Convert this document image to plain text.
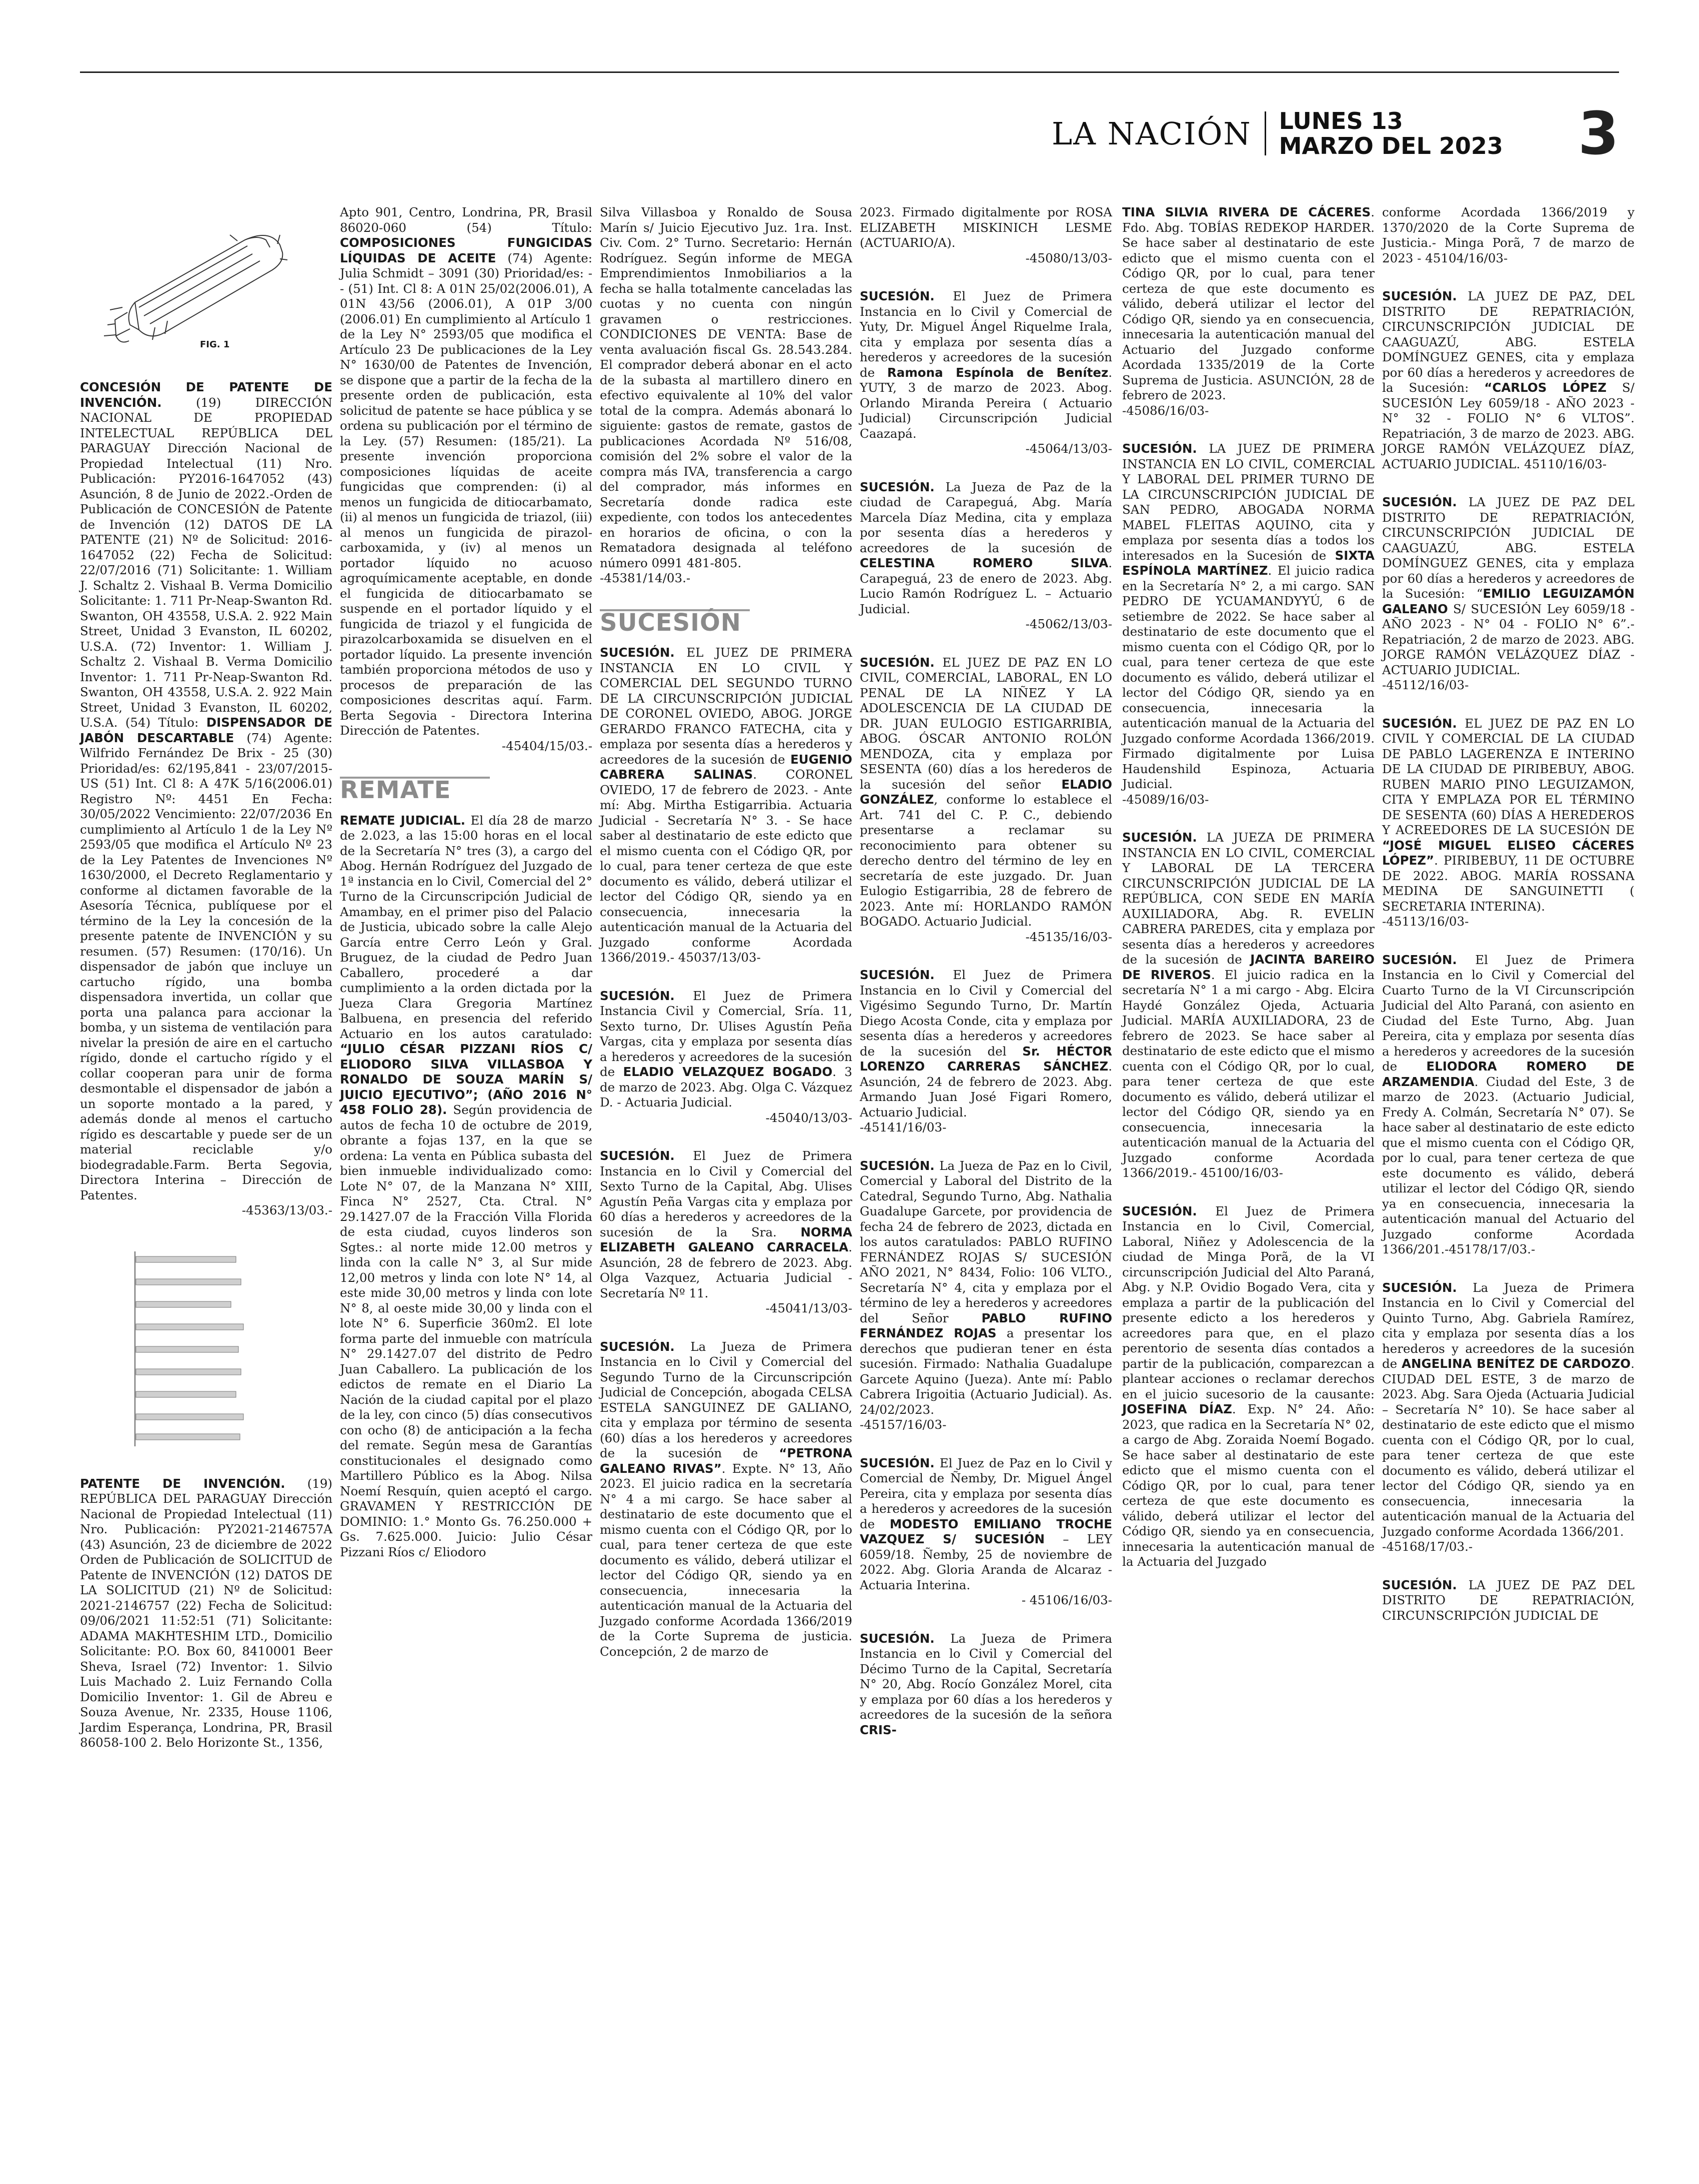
LA NACIÓN LUNES 13
MARZO DEL 2023 3
FIG. 1

CONCESIÓN DE PATENTE DE INVENCIÓN. (19) DIRECCIÓN NACIONAL DE PROPIEDAD INTELECTUAL REPÚBLICA DEL PARAGUAY Dirección Nacional de Propiedad Intelectual (11) Nro. Publicación: PY2016-1647052 (43) Asunción, 8 de Junio de 2022.-Orden de Publicación de CONCESIÓN de Patente de Invención (12) DATOS DE LA PATENTE (21) Nº de Solicitud: 2016-1647052 (22) Fecha de Solicitud: 22/07/2016 (71) Solicitante: 1. William J. Schaltz 2. Vishaal B. Verma Domicilio Solicitante: 1. 711 Pr-Neap-Swanton Rd. Swanton, OH 43558, U.S.A. 2. 922 Main Street, Unidad 3 Evanston, IL 60202, U.S.A. (72) Inventor: 1. William J. Schaltz 2. Vishaal B. Verma Domicilio Inventor: 1. 711 Pr-Neap-Swanton Rd. Swanton, OH 43558, U.S.A. 2. 922 Main Street, Unidad 3 Evanston, IL 60202, U.S.A. (54) Título: DISPENSADOR DE JABÓN DESCARTABLE (74) Agente: Wilfrido Fernández De Brix - 25 (30) Prioridad/es: 62/195,841 - 23/07/2015- US (51) Int. Cl 8: A 47K 5/16(2006.01) Registro Nº: 4451 En Fecha: 30/05/2022 Vencimiento: 22/07/2036 En cumplimiento al Artículo 1 de la Ley Nº 2593/05 que modifica el Artículo Nº 23 de la Ley Patentes de Invenciones Nº 1630/2000, el Decreto Reglamentario y conforme al dictamen favorable de la Asesoría Técnica, publíquese por el término de la Ley la concesión de la presente patente de INVENCIÓN y su resumen. (57) Resumen: (170/16). Un dispensador de jabón que incluye un cartucho rígido, una bomba dispensadora invertida, un collar que porta una palanca para accionar la bomba, y un sistema de ventilación para nivelar la presión de aire en el cartucho rígido, donde el cartucho rígido y el collar cooperan para unir de forma desmontable el dispensador de jabón a un soporte montado a la pared, y además donde al menos el cartucho rígido es descartable y puede ser de un material reciclable y/o biodegradable.Farm. Berta Segovia, Directora Interina – Dirección de Patentes.
-45363/13/03.-

PATENTE DE INVENCIÓN. (19) REPÚBLICA DEL PARAGUAY Dirección Nacional de Propiedad Intelectual (11) Nro. Publicación: PY2021-2146757A (43) Asunción, 23 de diciembre de 2022 Orden de Publicación de SOLICITUD de Patente de INVENCIÓN (12) DATOS DE LA SOLICITUD (21) Nº de Solicitud: 2021-2146757 (22) Fecha de Solicitud: 09/06/2021 11:52:51 (71) Solicitante: ADAMA MAKHTESHIM LTD., Domicilio Solicitante: P.O. Box 60, 8410001 Beer Sheva, Israel (72) Inventor: 1. Silvio Luis Machado 2. Luiz Fernando Colla Domicilio Inventor: 1. Gil de Abreu e Souza Avenue, Nr. 2335, House 1106, Jardim Esperança, Londrina, PR, Brasil 86058-100 2. Belo Horizonte St., 1356,

Apto 901, Centro, Londrina, PR, Brasil 86020-060 (54) Título: COMPOSICIONES FUNGICIDAS LÍQUIDAS DE ACEITE (74) Agente: Julia Schmidt – 3091 (30) Prioridad/es: -- (51) Int. Cl 8: A 01N 25/02(2006.01), A 01N 43/56 (2006.01), A 01P 3/00 (2006.01) En cumplimiento al Artículo 1 de la Ley N° 2593/05 que modifica el Artículo 23 De publicaciones de la Ley N° 1630/00 de Patentes de Invención, se dispone que a partir de la fecha de la presente orden de publicación, esta solicitud de patente se hace pública y se ordena su publicación por el término de la Ley. (57) Resumen: (185/21). La presente invención proporciona composiciones líquidas de aceite fungicidas que comprenden: (i) al menos un fungicida de ditiocarbamato, (ii) al menos un fungicida de triazol, (iii) al menos un fungicida de pirazol-carboxamida, y (iv) al menos un portador líquido no acuoso agroquímicamente aceptable, en donde el fungicida de ditiocarbamato se suspende en el portador líquido y el fungicida de triazol y el fungicida de pirazolcarboxamida se disuelven en el portador líquido. La presente invención también proporciona métodos de uso y procesos de preparación de las composiciones descritas aquí. Farm. Berta Segovia - Directora Interina Dirección de Patentes.
-45404/15/03.-

REMATE

REMATE JUDICIAL. El día 28 de marzo de 2.023, a las 15:00 horas en el local de la Secretaría N° tres (3), a cargo del Abog. Hernán Rodríguez del Juzgado de 1ª instancia en lo Civil, Comercial del 2° Turno de la Circunscripción Judicial de Amambay, en el primer piso del Palacio de Justicia, ubicado sobre la calle Alejo García entre Cerro León y Gral. Bruguez, de la ciudad de Pedro Juan Caballero, procederé a dar cumplimiento a la orden dictada por la Jueza Clara Gregoria Martínez Balbuena, en presencia del referido Actuario en los autos caratulado: “JULIO CÉSAR PIZZANI RÍOS C/ ELIODORO SILVA VILLASBOA Y RONALDO DE SOUZA MARÍN S/ JUICIO EJECUTIVO”; (AÑO 2016 N° 458 FOLIO 28). Según providencia de autos de fecha 10 de octubre de 2019, obrante a fojas 137, en la que se ordena: La venta en Pública subasta del bien inmueble individualizado como: Lote N° 07, de la Manzana N° XIII, Finca N° 2527, Cta. Ctral. N° 29.1427.07 de la Fracción Villa Florida de esta ciudad, cuyos linderos son Sgtes.: al norte mide 12.00 metros y linda con la calle N° 3, al Sur mide 12,00 metros y linda con lote N° 14, al este mide 30,00 metros y linda con lote N° 8, al oeste mide 30,00 y linda con el lote N° 6. Superficie 360m2. El lote forma parte del inmueble con matrícula N° 29.1427.07 del distrito de Pedro Juan Caballero. La publicación de los edictos de remate en el Diario La Nación de la ciudad capital por el plazo de la ley, con cinco (5) días consecutivos con ocho (8) de anticipación a la fecha del remate. Según mesa de Garantías constitucionales el designado como Martillero Público es la Abog. Nilsa Noemí Resquín, quien aceptó el cargo. GRAVAMEN Y RESTRICCIÓN DE DOMINIO: 1.° Monto Gs. 76.250.000 + Gs. 7.625.000. Juicio: Julio César Pizzani Ríos c/ Eliodoro

Silva Villasboa y Ronaldo de Sousa Marín s/ Juicio Ejecutivo Juz. 1ra. Inst. Civ. Com. 2° Turno. Secretario: Hernán Rodríguez. Según informe de MEGA Emprendimientos Inmobiliarios a la fecha se halla totalmente canceladas las cuotas y no cuenta con ningún gravamen o restricciones. CONDICIONES DE VENTA: Base de venta avaluación fiscal Gs. 28.543.284. El comprador deberá abonar en el acto de la subasta al martillero dinero en efectivo equivalente al 10% del valor total de la compra. Además abonará lo siguiente: gastos de remate, gastos de publicaciones Acordada Nº 516/08, comisión del 2% sobre el valor de la compra más IVA, transferencia a cargo del comprador, más informes en Secretaría donde radica este expediente, con todos los antecedentes en horarios de oficina, o con la Rematadora designada al teléfono número 0991 481-805.
-45381/14/03.-

SUCESIÓN

SUCESIÓN. EL JUEZ DE PRIMERA INSTANCIA EN LO CIVIL Y COMERCIAL DEL SEGUNDO TURNO DE LA CIRCUNSCRIPCIÓN JUDICIAL DE CORONEL OVIEDO, ABOG. JORGE GERARDO FRANCO FATECHA, cita y emplaza por sesenta días a herederos y acreedores de la sucesión de EUGENIO CABRERA SALINAS. CORONEL OVIEDO, 17 de febrero de 2023. - Ante mí: Abg. Mirtha Estigarribia. Actuaria Judicial - Secretaría N° 3. - Se hace saber al destinatario de este edicto que el mismo cuenta con el Código QR, por lo cual, para tener certeza de que este documento es válido, deberá utilizar el lector del Código QR, siendo ya en consecuencia, innecesaria la autenticación manual de la Actuaria del Juzgado conforme Acordada 1366/2019.- 45037/13/03-

SUCESIÓN. El Juez de Primera Instancia Civil y Comercial, Sría. 11, Sexto turno, Dr. Ulises Agustín Peña Vargas, cita y emplaza por sesenta días a herederos y acreedores de la sucesión de ELADIO VELAZQUEZ BOGADO. 3 de marzo de 2023. Abg. Olga C. Vázquez D. - Actuaria Judicial.
-45040/13/03-

SUCESIÓN. El Juez de Primera Instancia en lo Civil y Comercial del Sexto Turno de la Capital, Abg. Ulises Agustín Peña Vargas cita y emplaza por 60 días a herederos y acreedores de la sucesión de la Sra. NORMA ELIZABETH GALEANO CARRACELA. Asunción, 28 de febrero de 2023. Abg. Olga Vazquez, Actuaria Judicial - Secretaría Nº 11.
-45041/13/03-

SUCESIÓN. La Jueza de Primera Instancia en lo Civil y Comercial del Segundo Turno de la Circunscripción Judicial de Concepción, abogada CELSA ESTELA SANGUINEZ DE GALIANO, cita y emplaza por término de sesenta (60) días a los herederos y acreedores de la sucesión de “PETRONA GALEANO RIVAS”. Expte. N° 13, Año 2023. El juicio radica en la secretaría N° 4 a mi cargo. Se hace saber al destinatario de este documento que el mismo cuenta con el Código QR, por lo cual, para tener certeza de que este documento es válido, deberá utilizar el lector del Código QR, siendo ya en consecuencia, innecesaria la autenticación manual de la Actuaria del Juzgado conforme Acordada 1366/2019 de la Corte Suprema de justicia. Concepción, 2 de marzo de

2023. Firmado digitalmente por ROSA ELIZABETH MISKINICH LESME (ACTUARIO/A).
-45080/13/03-

SUCESIÓN. El Juez de Primera Instancia en lo Civil y Comercial de Yuty, Dr. Miguel Ángel Riquelme Irala, cita y emplaza por sesenta días a herederos y acreedores de la sucesión de Ramona Espínola de Benítez. YUTY, 3 de marzo de 2023. Abog. Orlando Miranda Pereira ( Actuario Judicial) Circunscripción Judicial Caazapá.
-45064/13/03-

SUCESIÓN. La Jueza de Paz de la ciudad de Carapeguá, Abg. María Marcela Díaz Medina, cita y emplaza por sesenta días a herederos y acreedores de la sucesión de CELESTINA ROMERO SILVA. Carapeguá, 23 de enero de 2023. Abg. Lucio Ramón Rodríguez L. – Actuario Judicial.
-45062/13/03-

SUCESIÓN. EL JUEZ DE PAZ EN LO CIVIL, COMERCIAL, LABORAL, EN LO PENAL DE LA NIÑEZ Y LA ADOLESCENCIA DE LA CIUDAD DE DR. JUAN EULOGIO ESTIGARRIBIA, ABOG. ÓSCAR ANTONIO ROLÓN MENDOZA, cita y emplaza por SESENTA (60) días a los herederos de la sucesión del señor ELADIO GONZÁLEZ, conforme lo establece el Art. 741 del C. P. C., debiendo presentarse a reclamar su reconocimiento para obtener su derecho dentro del término de ley en secretaría de este juzgado. Dr. Juan Eulogio Estigarribia, 28 de febrero de 2023. Ante mí: HORLANDO RAMÓN BOGADO. Actuario Judicial.
-45135/16/03-

SUCESIÓN. El Juez de Primera Instancia en lo Civil y Comercial del Vigésimo Segundo Turno, Dr. Martín Diego Acosta Conde, cita y emplaza por sesenta días a herederos y acreedores de la sucesión del Sr. HÉCTOR LORENZO CARRERAS SÁNCHEZ. Asunción, 24 de febrero de 2023. Abg. Armando Juan José Figari Romero, Actuario Judicial.
-45141/16/03-

SUCESIÓN. La Jueza de Paz en lo Civil, Comercial y Laboral del Distrito de la Catedral, Segundo Turno, Abg. Nathalia Guadalupe Garcete, por providencia de fecha 24 de febrero de 2023, dictada en los autos caratulados: PABLO RUFINO FERNÁNDEZ ROJAS S/ SUCESIÓN AÑO 2021, N° 8434, Folio: 106 VLTO., Secretaría N° 4, cita y emplaza por el término de ley a herederos y acreedores del Señor PABLO RUFINO FERNÁNDEZ ROJAS a presentar los derechos que pudieran tener en ésta sucesión. Firmado: Nathalia Guadalupe Garcete Aquino (Jueza). Ante mí: Pablo Cabrera Irigoitia (Actuario Judicial). As. 24/02/2023.
-45157/16/03-

SUCESIÓN. El Juez de Paz en lo Civil y Comercial de Ñemby, Dr. Miguel Ángel Pereira, cita y emplaza por sesenta días a herederos y acreedores de la sucesión de MODESTO EMILIANO TROCHE VAZQUEZ S/ SUCESIÓN – LEY 6059/18. Ñemby, 25 de noviembre de 2022. Abg. Gloria Aranda de Alcaraz - Actuaria Interina.
- 45106/16/03-

SUCESIÓN. La Jueza de Primera Instancia en lo Civil y Comercial del Décimo Turno de la Capital, Secretaría N° 20, Abg. Rocío González Morel, cita y emplaza por 60 días a los herederos y acreedores de la sucesión de la señora CRIS-

TINA SILVIA RIVERA DE CÁCERES. Fdo. Abg. TOBÍAS REDEKOP HARDER. Se hace saber al destinatario de este edicto que el mismo cuenta con el Código QR, por lo cual, para tener certeza de que este documento es válido, deberá utilizar el lector del Código QR, siendo ya en consecuencia, innecesaria la autenticación manual del Actuario del Juzgado conforme Acordada 1335/2019 de la Corte Suprema de Justicia. ASUNCIÓN, 28 de febrero de 2023.
-45086/16/03-

SUCESIÓN. LA JUEZ DE PRIMERA INSTANCIA EN LO CIVIL, COMERCIAL Y LABORAL DEL PRIMER TURNO DE LA CIRCUNSCRIPCIÓN JUDICIAL DE SAN PEDRO, ABOGADA NORMA MABEL FLEITAS AQUINO, cita y emplaza por sesenta días a todos los interesados en la Sucesión de SIXTA ESPÍNOLA MARTÍNEZ. El juicio radica en la Secretaría N° 2, a mi cargo. SAN PEDRO DE YCUAMANDYYÚ, 6 de setiembre de 2022. Se hace saber al destinatario de este documento que el mismo cuenta con el Código QR, por lo cual, para tener certeza de que este documento es válido, deberá utilizar el lector del Código QR, siendo ya en consecuencia, innecesaria la autenticación manual de la Actuaria del Juzgado conforme Acordada 1366/2019. Firmado digitalmente por Luisa Haudenshild Espinoza, Actuaria Judicial.
-45089/16/03-

SUCESIÓN. LA JUEZA DE PRIMERA INSTANCIA EN LO CIVIL, COMERCIAL Y LABORAL DE LA TERCERA CIRCUNSCRIPCIÓN JUDICIAL DE LA REPÚBLICA, CON SEDE EN MARÍA AUXILIADORA, Abg. R. EVELIN CABRERA PAREDES, cita y emplaza por sesenta días a herederos y acreedores de la sucesión de JACINTA BAREIRO DE RIVEROS. El juicio radica en la secretaría N° 1 a mi cargo - Abg. Elcira Haydé González Ojeda, Actuaria Judicial. MARÍA AUXILIADORA, 23 de febrero de 2023. Se hace saber al destinatario de este edicto que el mismo cuenta con el Código QR, por lo cual, para tener certeza de que este documento es válido, deberá utilizar el lector del Código QR, siendo ya en consecuencia, innecesaria la autenticación manual de la Actuaria del Juzgado conforme Acordada 1366/2019.- 45100/16/03-

SUCESIÓN. El Juez de Primera Instancia en lo Civil, Comercial, Laboral, Niñez y Adolescencia de la ciudad de Minga Porã, de la VI circunscripción Judicial del Alto Paraná, Abg. y N.P. Ovidio Bogado Vera, cita y emplaza a partir de la publicación del presente edicto a los herederos y acreedores para que, en el plazo perentorio de sesenta días contados a partir de la publicación, comparezcan a plantear acciones o reclamar derechos en el juicio sucesorio de la causante: JOSEFINA DÍAZ. Exp. N° 24. Año: 2023, que radica en la Secretaría N° 02, a cargo de Abg. Zoraida Noemí Bogado. Se hace saber al destinatario de este edicto que el mismo cuenta con el Código QR, por lo cual, para tener certeza de que este documento es válido, deberá utilizar el lector del Código QR, siendo ya en consecuencia, innecesaria la autenticación manual de la Actuaria del Juzgado

conforme Acordada 1366/2019 y 1370/2020 de la Corte Suprema de Justicia.- Minga Porã, 7 de marzo de 2023 - 45104/16/03-

SUCESIÓN. LA JUEZ DE PAZ, DEL DISTRITO DE REPATRIACIÓN, CIRCUNSCRIPCIÓN JUDICIAL DE CAAGUAZÚ, ABG. ESTELA DOMÍNGUEZ GENES, cita y emplaza por 60 días a herederos y acreedores de la Sucesión: “CARLOS LÓPEZ S/ SUCESIÓN Ley 6059/18 - AÑO 2023 - N° 32 - FOLIO N° 6 VLTOS”. Repatriación, 3 de marzo de 2023. ABG. JORGE RAMÓN VELÁZQUEZ DÍAZ, ACTUARIO JUDICIAL. 45110/16/03-

SUCESIÓN. LA JUEZ DE PAZ DEL DISTRITO DE REPATRIACIÓN, CIRCUNSCRIPCIÓN JUDICIAL DE CAAGUAZÚ, ABG. ESTELA DOMÍNGUEZ GENES, cita y emplaza por 60 días a herederos y acreedores de la Sucesión: “EMILIO LEGUIZAMÓN GALEANO S/ SUCESIÓN Ley 6059/18 - AÑO 2023 - N° 04 - FOLIO N° 6”.- Repatriación, 2 de marzo de 2023. ABG. JORGE RAMÓN VELÁZQUEZ DÍAZ - ACTUARIO JUDICIAL.
-45112/16/03-

SUCESIÓN. EL JUEZ DE PAZ EN LO CIVIL Y COMERCIAL DE LA CIUDAD DE PABLO LAGERENZA E INTERINO DE LA CIUDAD DE PIRIBEBUY, ABOG. RUBEN MARIO PINO LEGUIZAMON, CITA Y EMPLAZA POR EL TÉRMINO DE SESENTA (60) DÍAS A HEREDEROS Y ACREEDORES DE LA SUCESIÓN DE “JOSÉ MIGUEL ELISEO CÁCERES LÓPEZ”. PIRIBEBUY, 11 DE OCTUBRE DE 2022. ABOG. MARÍA ROSSANA MEDINA DE SANGUINETTI ( SECRETARIA INTERINA).
-45113/16/03-

SUCESIÓN. El Juez de Primera Instancia en lo Civil y Comercial del Cuarto Turno de la VI Circunscripción Judicial del Alto Paraná, con asiento en Ciudad del Este Turno, Abg. Juan Pereira, cita y emplaza por sesenta días a herederos y acreedores de la sucesión de ELIODORA ROMERO DE ARZAMENDIA. Ciudad del Este, 3 de marzo de 2023. (Actuario Judicial, Fredy A. Colmán, Secretaría N° 07). Se hace saber al destinatario de este edicto que el mismo cuenta con el Código QR, por lo cual, para tener certeza de que este documento es válido, deberá utilizar el lector del Código QR, siendo ya en consecuencia, innecesaria la autenticación manual del Actuario del Juzgado conforme Acordada 1366/201.-45178/17/03.-

SUCESIÓN. La Jueza de Primera Instancia en lo Civil y Comercial del Quinto Turno, Abg. Gabriela Ramírez, cita y emplaza por sesenta días a los herederos y acreedores de la sucesión de ANGELINA BENÍTEZ DE CARDOZO. CIUDAD DEL ESTE, 3 de marzo de 2023. Abg. Sara Ojeda (Actuaria Judicial – Secretaría N° 10). Se hace saber al destinatario de este edicto que el mismo cuenta con el Código QR, por lo cual, para tener certeza de que este documento es válido, deberá utilizar el lector del Código QR, siendo ya en consecuencia, innecesaria la autenticación manual de la Actuaria del Juzgado conforme Acordada 1366/201.
-45168/17/03.-

SUCESIÓN. LA JUEZ DE PAZ DEL DISTRITO DE REPATRIACIÓN, CIRCUNSCRIPCIÓN JUDICIAL DE
